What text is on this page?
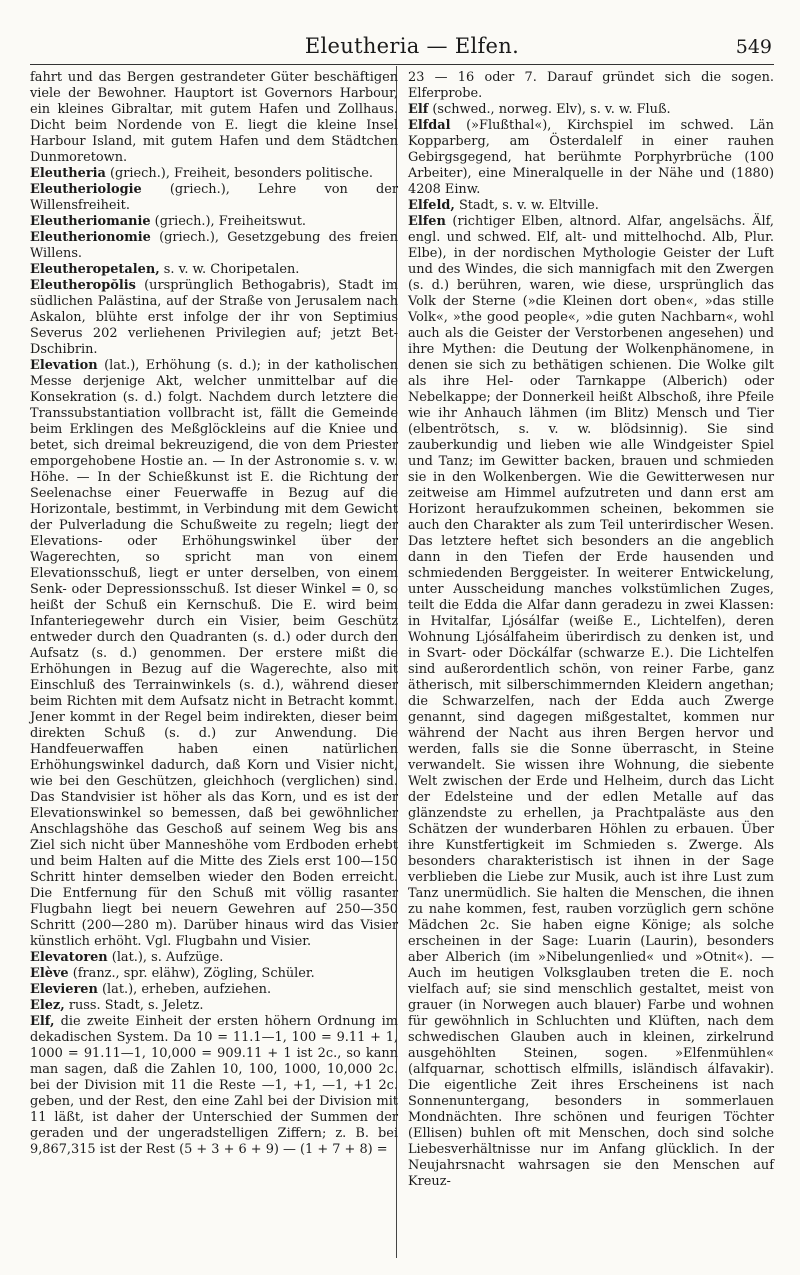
Eleutheria — Elfen.	549

fahrt und das Bergen gestrandeter Güter beschäftigen viele der Bewohner. Hauptort ist Governors Harbour, ein kleines Gibraltar, mit gutem Hafen und Zollhaus. Dicht beim Nordende von E. liegt die kleine Insel Harbour Island, mit gutem Hafen und dem Städtchen Dunmoretown.

Eleutheria (griech.), Freiheit, besonders politische.

Eleutheriologie (griech.), Lehre von der Willensfreiheit.

Eleutheriomanie (griech.), Freiheitswut.

Eleutherionomie (griech.), Gesetzgebung des freien Willens.

Eleutheropetalen, s. v. w. Choripetalen.

Eleutheropŏlis (ursprünglich Bethogabris), Stadt im südlichen Palästina, auf der Straße von Jerusalem nach Askalon, blühte erst infolge der ihr von Septimius Severus 202 verliehenen Privilegien auf; jetzt Bet-Dschibrin.

Elevation (lat.), Erhöhung (s. d.); in der katholischen Messe derjenige Akt, welcher unmittelbar auf die Konsekration (s. d.) folgt. Nachdem durch letztere die Transsubstantiation vollbracht ist, fällt die Gemeinde beim Erklingen des Meßglöckleins auf die Kniee und betet, sich dreimal bekreuzigend, die von dem Priester emporgehobene Hostie an. — In der Astronomie s. v. w. Höhe. — In der Schießkunst ist E. die Richtung der Seelenachse einer Feuerwaffe in Bezug auf die Horizontale, bestimmt, in Verbindung mit dem Gewicht der Pulverladung die Schußweite zu regeln; liegt der Elevations- oder Erhöhungswinkel über der Wagerechten, so spricht man von einem Elevationsschuß, liegt er unter derselben, von einem Senk- oder Depressionsschuß. Ist dieser Winkel = 0, so heißt der Schuß ein Kernschuß. Die E. wird beim Infanteriegewehr durch ein Visier, beim Geschütz entweder durch den Quadranten (s. d.) oder durch den Aufsatz (s. d.) genommen. Der erstere mißt die Erhöhungen in Bezug auf die Wagerechte, also mit Einschluß des Terrainwinkels (s. d.), während dieser beim Richten mit dem Aufsatz nicht in Betracht kommt. Jener kommt in der Regel beim indirekten, dieser beim direkten Schuß (s. d.) zur Anwendung. Die Handfeuerwaffen haben einen natürlichen Erhöhungswinkel dadurch, daß Korn und Visier nicht, wie bei den Geschützen, gleichhoch (verglichen) sind. Das Standvisier ist höher als das Korn, und es ist der Elevationswinkel so bemessen, daß bei gewöhnlicher Anschlagshöhe das Geschoß auf seinem Weg bis ans Ziel sich nicht über Manneshöhe vom Erdboden erhebt und beim Halten auf die Mitte des Ziels erst 100—150 Schritt hinter demselben wieder den Boden erreicht. Die Entfernung für den Schuß mit völlig rasanter Flugbahn liegt bei neuern Gewehren auf 250—350 Schritt (200—280 m). Darüber hinaus wird das Visier künstlich erhöht. Vgl. Flugbahn und Visier.

Elevatoren (lat.), s. Aufzüge.

Elève (franz., spr. elähw), Zögling, Schüler.

Elevieren (lat.), erheben, aufziehen.

Elez, russ. Stadt, s. Jeletz.

Elf, die zweite Einheit der ersten höhern Ordnung im dekadischen System. Da 10 = 11.1—1, 100 = 9.11 + 1, 1000 = 91.11—1, 10,000 = 909.11 + 1 ist 2c., so kann man sagen, daß die Zahlen 10, 100, 1000, 10,000 2c. bei der Division mit 11 die Reste —1, +1, —1, +1 2c. geben, und der Rest, den eine Zahl bei der Division mit 11 läßt, ist daher der Unterschied der Summen der geraden und der ungeradstelligen Ziffern; z. B. bei 9,867,315 ist der Rest (5 + 3 + 6 + 9) — (1 + 7 + 8) =

23 — 16 oder 7. Darauf gründet sich die sogen. Elferprobe.

Elf (schwed., norweg. Elv), s. v. w. Fluß.

Elfdal (»Flußthal«), Kirchspiel im schwed. Län Kopparberg, am Österdalelf in einer rauhen Gebirgsgegend, hat berühmte Porphyrbrüche (100 Arbeiter), eine Mineralquelle in der Nähe und (1880) 4208 Einw.

Elfeld, Stadt, s. v. w. Eltville.

Elfen (richtiger Elben, altnord. Alfar, angelsächs. Älf, engl. und schwed. Elf, alt- und mittelhochd. Alb, Plur. Elbe), in der nordischen Mythologie Geister der Luft und des Windes, die sich mannigfach mit den Zwergen (s. d.) berühren, waren, wie diese, ursprünglich das Volk der Sterne (»die Kleinen dort oben«, »das stille Volk«, »the good people«, »die guten Nachbarn«, wohl auch als die Geister der Verstorbenen angesehen) und ihre Mythen: die Deutung der Wolkenphänomene, in denen sie sich zu bethätigen schienen. Die Wolke gilt als ihre Hel- oder Tarnkappe (Alberich) oder Nebelkappe; der Donnerkeil heißt Albschoß, ihre Pfeile wie ihr Anhauch lähmen (im Blitz) Mensch und Tier (elbentrötsch, s. v. w. blödsinnig). Sie sind zauberkundig und lieben wie alle Windgeister Spiel und Tanz; im Gewitter backen, brauen und schmieden sie in den Wolkenbergen. Wie die Gewitterwesen nur zeitweise am Himmel aufzutreten und dann erst am Horizont heraufzukommen scheinen, bekommen sie auch den Charakter als zum Teil unterirdischer Wesen. Das letztere heftet sich besonders an die angeblich dann in den Tiefen der Erde hausenden und schmiedenden Berggeister. In weiterer Entwickelung, unter Ausscheidung manches volkstümlichen Zuges, teilt die Edda die Alfar dann geradezu in zwei Klassen: in Hvitalfar, Ljósálfar (weiße E., Lichtelfen), deren Wohnung Ljósálfaheim überirdisch zu denken ist, und in Svart- oder Döckálfar (schwarze E.). Die Lichtelfen sind außerordentlich schön, von reiner Farbe, ganz ätherisch, mit silberschimmernden Kleidern angethan; die Schwarzelfen, nach der Edda auch Zwerge genannt, sind dagegen mißgestaltet, kommen nur während der Nacht aus ihren Bergen hervor und werden, falls sie die Sonne überrascht, in Steine verwandelt. Sie wissen ihre Wohnung, die siebente Welt zwischen der Erde und Helheim, durch das Licht der Edelsteine und der edlen Metalle auf das glänzendste zu erhellen, ja Prachtpaläste aus den Schätzen der wunderbaren Höhlen zu erbauen. Über ihre Kunstfertigkeit im Schmieden s. Zwerge. Als besonders charakteristisch ist ihnen in der Sage verblieben die Liebe zur Musik, auch ist ihre Lust zum Tanz unermüdlich. Sie halten die Menschen, die ihnen zu nahe kommen, fest, rauben vorzüglich gern schöne Mädchen 2c. Sie haben eigne Könige; als solche erscheinen in der Sage: Luarin (Laurin), besonders aber Alberich (im »Nibelungenlied« und »Otnit«). — Auch im heutigen Volksglauben treten die E. noch vielfach auf; sie sind menschlich gestaltet, meist von grauer (in Norwegen auch blauer) Farbe und wohnen für gewöhnlich in Schluchten und Klüften, nach dem schwedischen Glauben auch in kleinen, zirkelrund ausgehöhlten Steinen, sogen. »Elfenmühlen« (alfquarnar, schottisch elfmills, isländisch álfavakir). Die eigentliche Zeit ihres Erscheinens ist nach Sonnenuntergang, besonders in sommerlauen Mondnächten. Ihre schönen und feurigen Töchter (Ellisen) buhlen oft mit Menschen, doch sind solche Liebesverhältnisse nur im Anfang glücklich. In der Neujahrsnacht wahrsagen sie den Menschen auf Kreuz-
